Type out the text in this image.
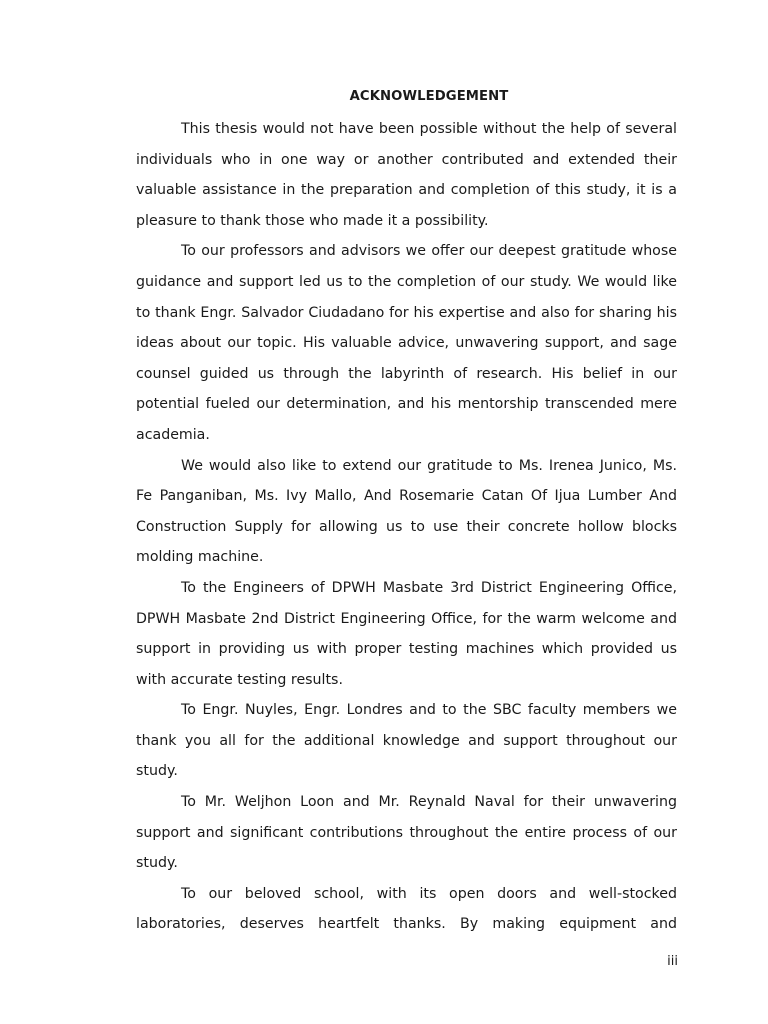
ACKNOWLEDGEMENT

This thesis would not have been possible without the help of several individuals who in one way or another contributed and extended their valuable assistance in the preparation and completion of this study, it is a pleasure to thank those who made it a possibility.

To our professors and advisors we offer our deepest gratitude whose guidance and support led us to the completion of our study. We would like to thank Engr. Salvador Ciudadano for his expertise and also for sharing his ideas about our topic. His valuable advice, unwavering support, and sage counsel guided us through the labyrinth of research. His belief in our potential fueled our determination, and his mentorship transcended mere academia.

We would also like to extend our gratitude to Ms. Irenea Junico, Ms. Fe Panganiban, Ms. Ivy Mallo, And Rosemarie Catan Of Ijua Lumber And Construction Supply for allowing us to use their concrete hollow blocks molding machine.

To the Engineers of DPWH Masbate 3rd District Engineering Office, DPWH Masbate 2nd District Engineering Office, for the warm welcome and support in providing us with proper testing machines which provided us with accurate testing results.

To Engr. Nuyles, Engr. Londres and to the SBC faculty members we thank you all for the additional knowledge and support throughout our study.

To Mr. Weljhon Loon and Mr. Reynald Naval for their unwavering support and significant contributions throughout the entire process of our study.

To our beloved school, with its open doors and well-stocked laboratories, deserves heartfelt thanks. By making equipment and

iii
